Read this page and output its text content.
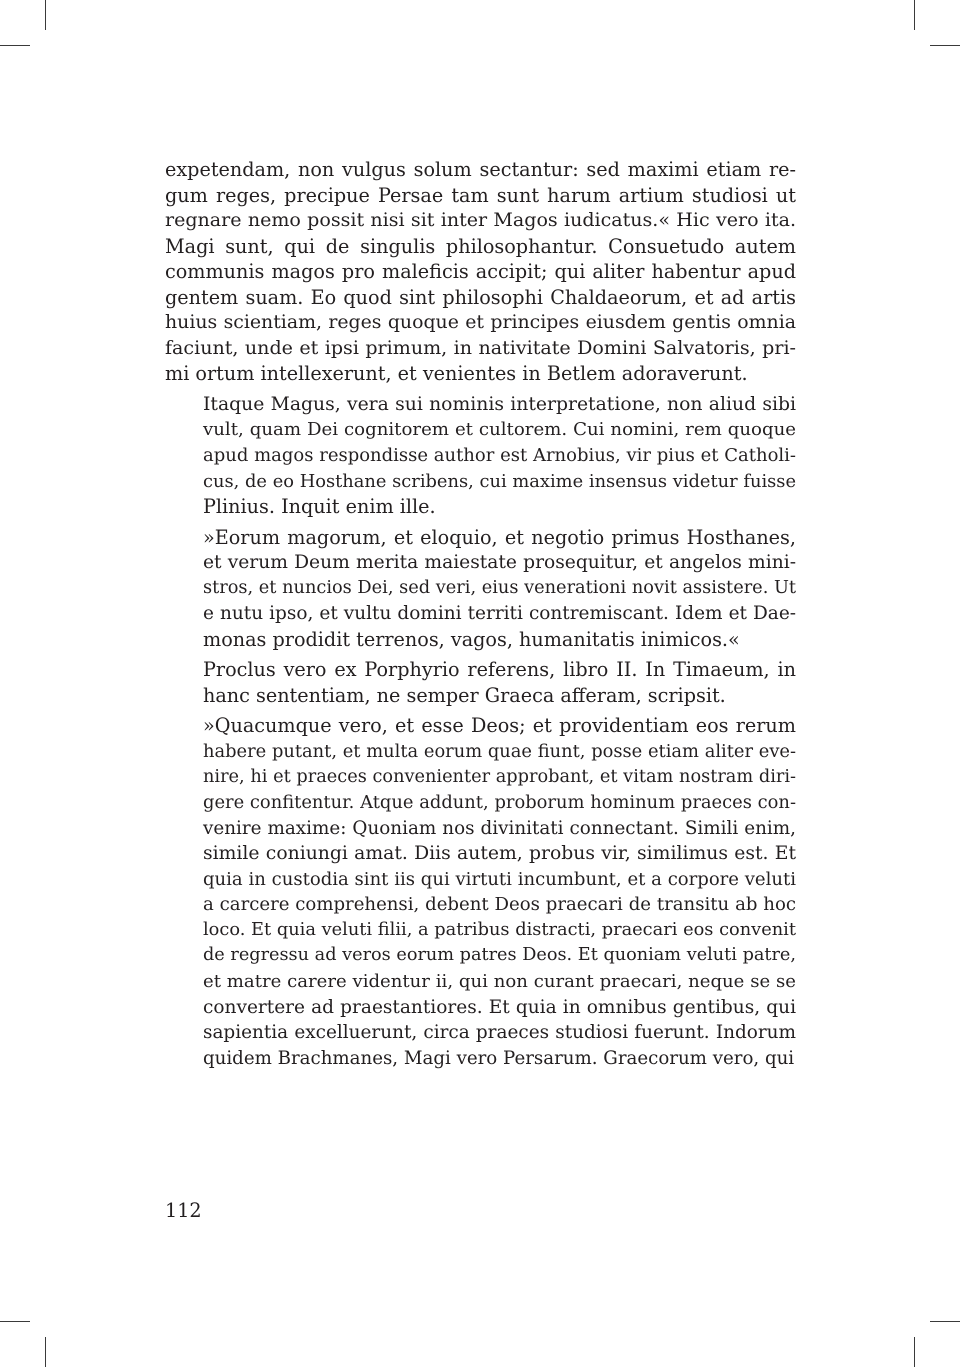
expetendam, non vulgus solum sectantur: sed maximi etiam re-
gum reges, precipue Persae tam sunt harum artium studiosi ut
regnare nemo possit nisi sit inter Magos iudicatus.« Hic vero ita.
Magi sunt, qui de singulis philosophantur. Consuetudo autem
communis magos pro maleficis accipit; qui aliter habentur apud
gentem suam. Eo quod sint philosophi Chaldaeorum, et ad artis
huius scientiam, reges quoque et principes eiusdem gentis omnia
faciunt, unde et ipsi primum, in nativitate Domini Salvatoris, pri-
mi ortum intellexerunt, et venientes in Betlem adoraverunt.

Itaque Magus, vera sui nominis interpretatione, non aliud sibi
vult, quam Dei cognitorem et cultorem. Cui nomini, rem quoque
apud magos respondisse author est Arnobius, vir pius et Catholi-
cus, de eo Hosthane scribens, cui maxime insensus videtur fuisse
Plinius. Inquit enim ille.

»Eorum magorum, et eloquio, et negotio primus Hosthanes,
et verum Deum merita maiestate prosequitur, et angelos mini-
stros, et nuncios Dei, sed veri, eius venerationi novit assistere. Ut
e nutu ipso, et vultu domini territi contremiscant. Idem et Dae-
monas prodidit terrenos, vagos, humanitatis inimicos.«

Proclus vero ex Porphyrio referens, libro II. In Timaeum, in
hanc sententiam, ne semper Graeca afferam, scripsit.

»Quacumque vero, et esse Deos; et providentiam eos rerum
habere putant, et multa eorum quae fiunt, posse etiam aliter eve-
nire, hi et praeces convenienter approbant, et vitam nostram diri-
gere confitentur. Atque addunt, proborum hominum praeces con-
venire maxime: Quoniam nos divinitati connectant. Simili enim,
simile coniungi amat. Diis autem, probus vir, similimus est. Et
quia in custodia sint iis qui virtuti incumbunt, et a corpore veluti
a carcere comprehensi, debent Deos praecari de transitu ab hoc
loco. Et quia veluti filii, a patribus distracti, praecari eos convenit
de regressu ad veros eorum patres Deos. Et quoniam veluti patre,
et matre carere videntur ii, qui non curant praecari, neque se se
convertere ad praestantiores. Et quia in omnibus gentibus, qui
sapientia excelluerunt, circa praeces studiosi fuerunt. Indorum
quidem Brachmanes, Magi vero Persarum. Graecorum vero, qui

112
